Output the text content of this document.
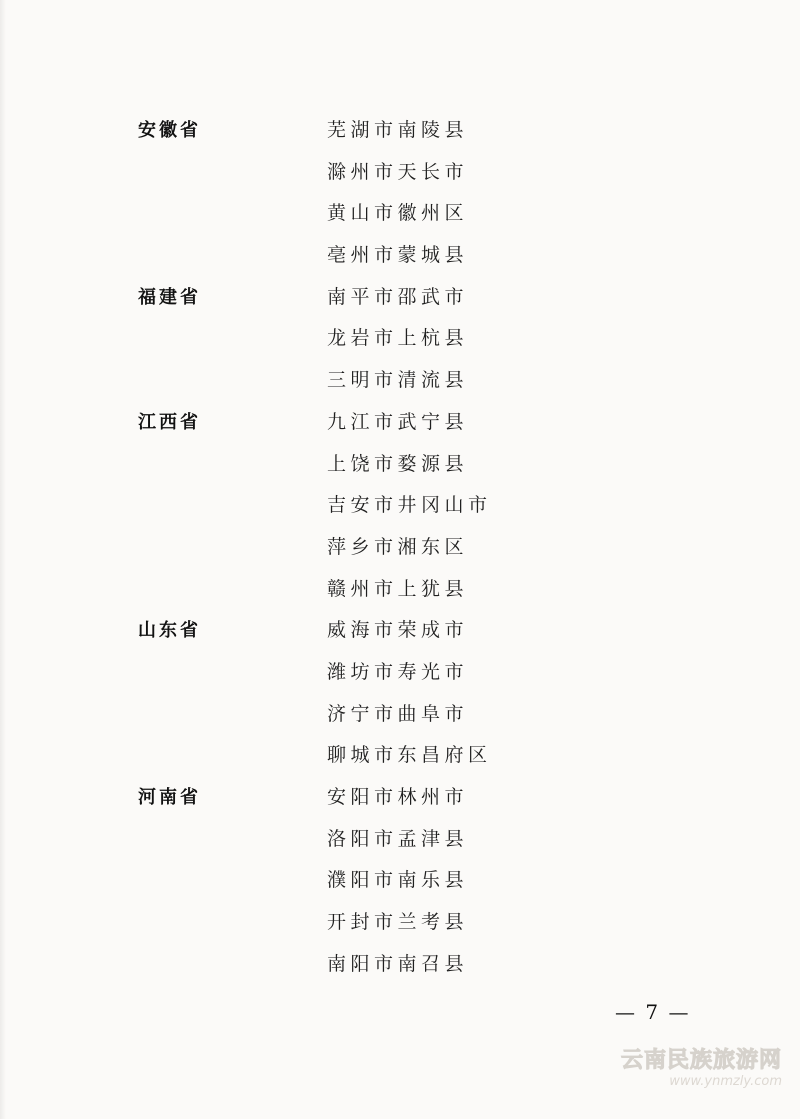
安徽省	芜湖市南陵县
滁州市天长市
黄山市徽州区
亳州市蒙城县
福建省	南平市邵武市
龙岩市上杭县
三明市清流县
江西省	九江市武宁县
上饶市婺源县
吉安市井冈山市
萍乡市湘东区
赣州市上犹县
山东省	威海市荣成市
潍坊市寿光市
济宁市曲阜市
聊城市东昌府区
河南省	安阳市林州市
洛阳市孟津县
濮阳市南乐县
开封市兰考县
南阳市南召县
— 7 —
云南民族旅游网
www.ynmzly.com
